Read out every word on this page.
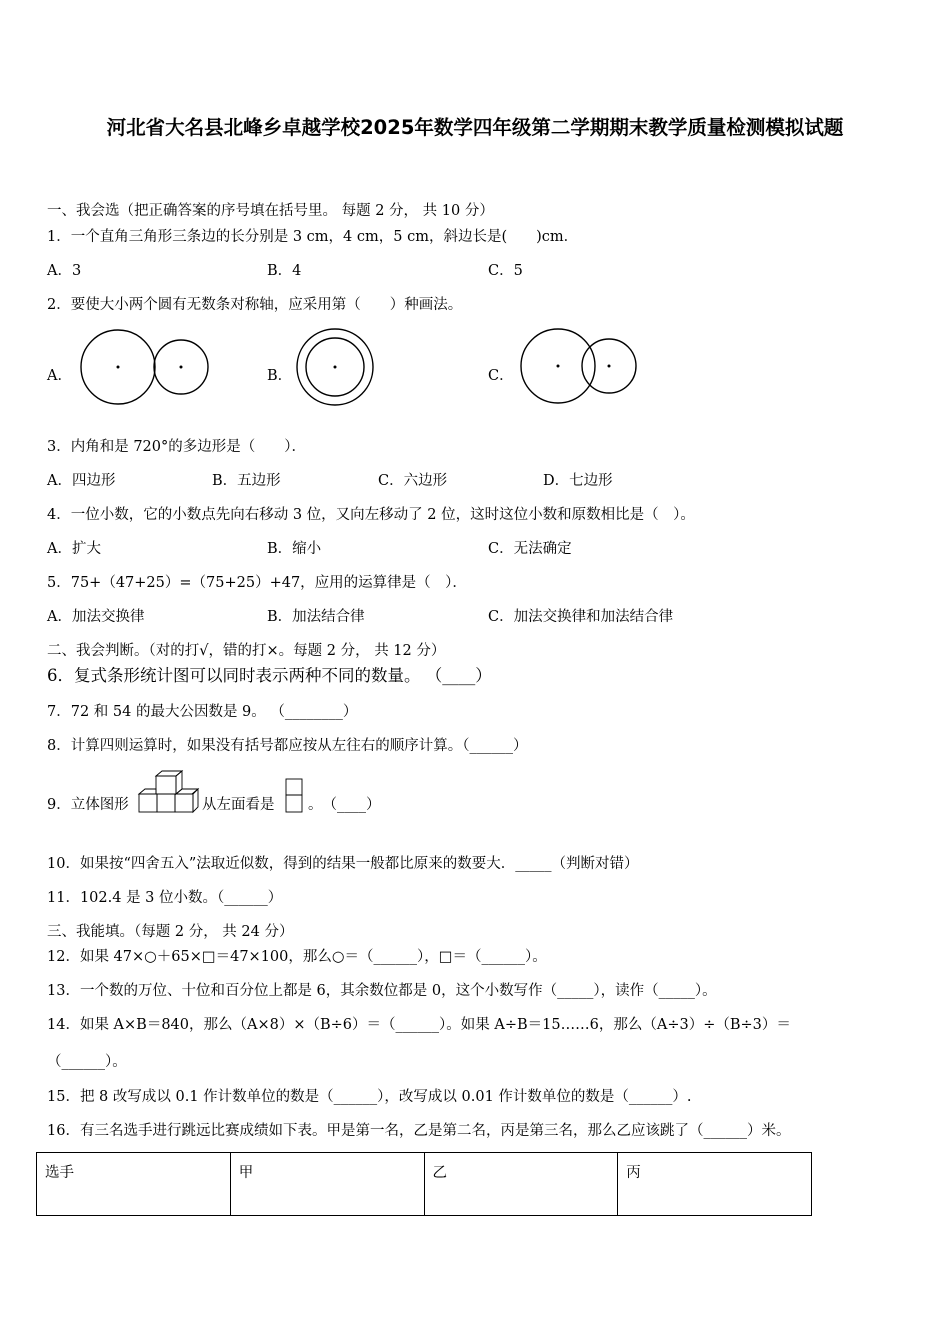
河北省大名县北峰乡卓越学校2025年数学四年级第二学期期末教学质量检测模拟试题
一、我会选（把正确答案的序号填在括号里。 每题 2 分， 共 10 分）
1．一个直角三角形三条边的长分别是 3 cm，4 cm，5 cm，斜边长是(　　)cm．
A．3	B．4	C．5
2．要使大小两个圆有无数条对称轴，应采用第（　　）种画法。
A．	B．	C．
3．内角和是 720°的多边形是（　　）．
A．四边形	B．五边形	C．六边形	D．七边形
4．一位小数，它的小数点先向右移动 3 位，又向左移动了 2 位，这时这位小数和原数相比是（　）。
A．扩大	B．缩小	C．无法确定
5．75+（47+25）=（75+25）+47，应用的运算律是（　）．
A．加法交换律	B．加法结合律	C．加法交换律和加法结合律
二、我会判断。（对的打√，错的打×。每题 2 分， 共 12 分）
6．复式条形统计图可以同时表示两种不同的数量。 （____）
7．72 和 54 的最大公因数是 9。 （________）
8．计算四则运算时，如果没有括号都应按从左往右的顺序计算。（______）
9．立体图形	从左面看是 。　（____）
10．如果按“四舍五入”法取近似数，得到的结果一般都比原来的数要大．_____（判断对错）
11．102.4 是 3 位小数。（______）
三、我能填。（每题 2 分， 共 24 分）
12．如果 47×○＋65×□＝47×100，那么○＝（______），□＝（______）。
13．一个数的万位、十位和百分位上都是 6，其余数位都是 0，这个小数写作（_____），读作（_____）。
14．如果 A×B＝840，那么（A×8）×（B÷6）＝（______）。如果 A÷B＝15……6，那么（A÷3）÷（B÷3）＝
（______）。
15．把 8 改写成以 0.1 作计数单位的数是（______），改写成以 0.01 作计数单位的数是（______）.
16．有三名选手进行跳远比赛成绩如下表。甲是第一名，乙是第二名，丙是第三名，那么乙应该跳了（______）米。
选手	甲	乙	丙
